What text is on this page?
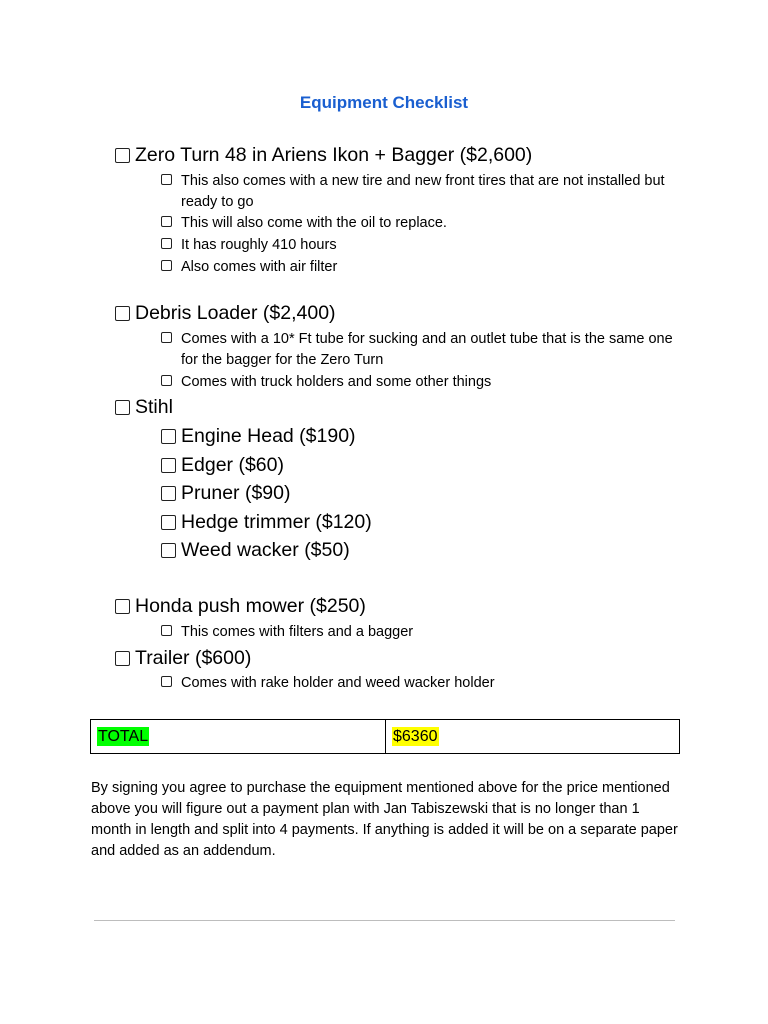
Equipment Checklist
Zero Turn 48 in Ariens Ikon + Bagger ($2,600)
This also comes with a new tire and new front tires that are not installed but ready to go
This will also come with the oil to replace.
It has roughly 410 hours
Also comes with air filter
Debris Loader ($2,400)
Comes with a 10* Ft tube for sucking and an outlet tube that is the same one for the bagger for the Zero Turn
Comes with truck holders and some other things
Stihl
Engine Head ($190)
Edger ($60)
Pruner ($90)
Hedge trimmer ($120)
Weed wacker ($50)
Honda push mower ($250)
This comes with filters and a bagger
Trailer ($600)
Comes with rake holder and weed wacker holder
TOTAL	$6360
By signing you agree to purchase the equipment mentioned above for the price mentioned above you will figure out a payment plan with Jan Tabiszewski that is no longer than 1 month in length and split into 4 payments. If anything is added it will be on a separate paper and added as an addendum.
